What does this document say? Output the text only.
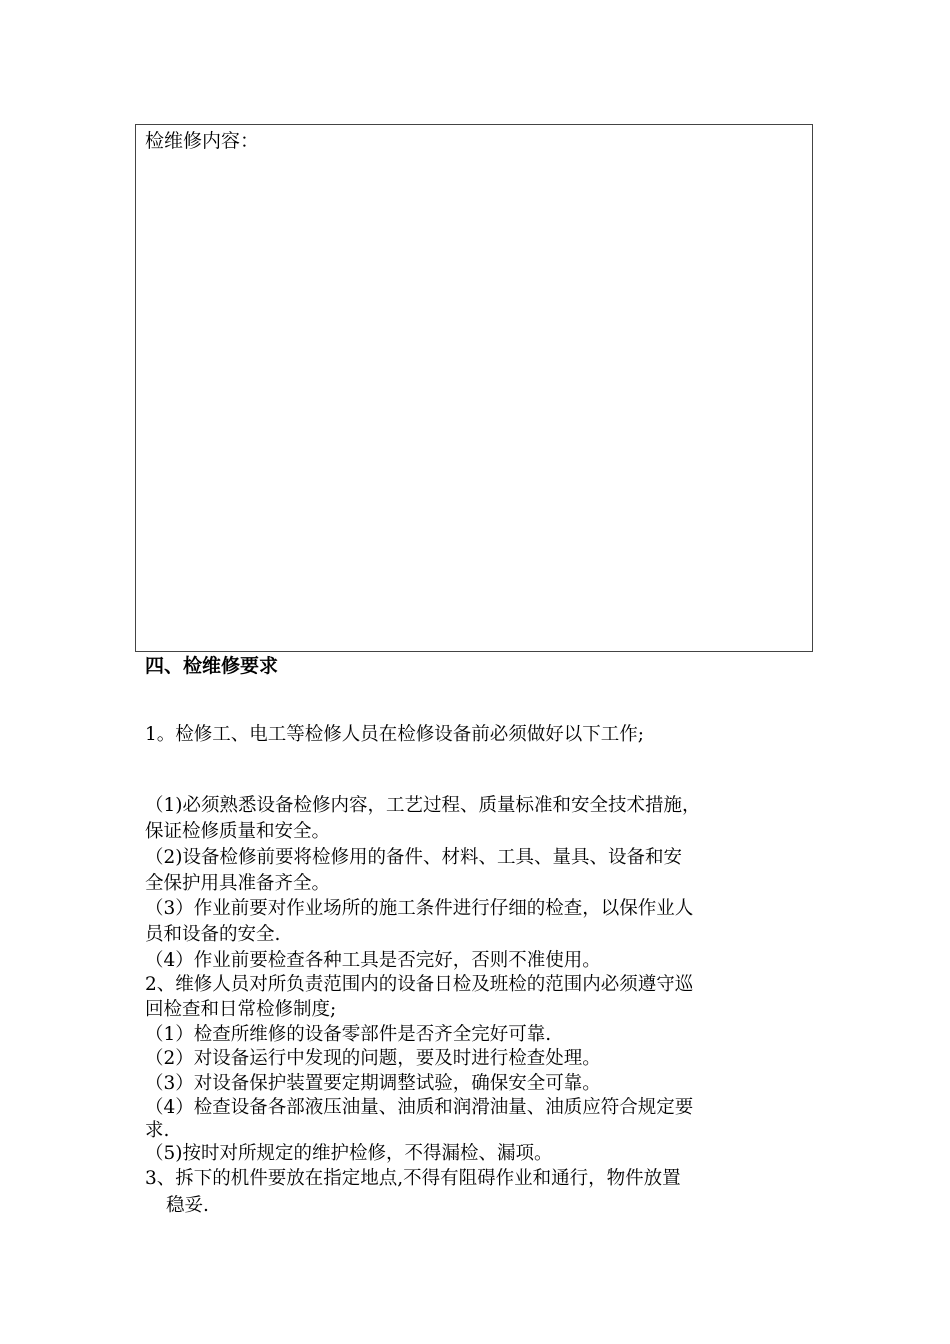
检维修内容：
四、检维修要求
1。检修工、电工等检修人员在检修设备前必须做好以下工作;
（1)必须熟悉设备检修内容，工艺过程、质量标准和安全技术措施，
保证检修质量和安全。
（2)设备检修前要将检修用的备件、材料、工具、量具、设备和安
全保护用具准备齐全。
（3）作业前要对作业场所的施工条件进行仔细的检查，以保作业人
员和设备的安全.
（4）作业前要检查各种工具是否完好，否则不准使用。
2、维修人员对所负责范围内的设备日检及班检的范围内必须遵守巡
回检查和日常检修制度;
（1）检查所维修的设备零部件是否齐全完好可靠.
（2）对设备运行中发现的问题，要及时进行检查处理。
（3）对设备保护装置要定期调整试验，确保安全可靠。
（4）检查设备各部液压油量、油质和润滑油量、油质应符合规定要
求.
（5)按时对所规定的维护检修，不得漏检、漏项。
3、拆下的机件要放在指定地点,不得有阻碍作业和通行，物件放置
稳妥.
